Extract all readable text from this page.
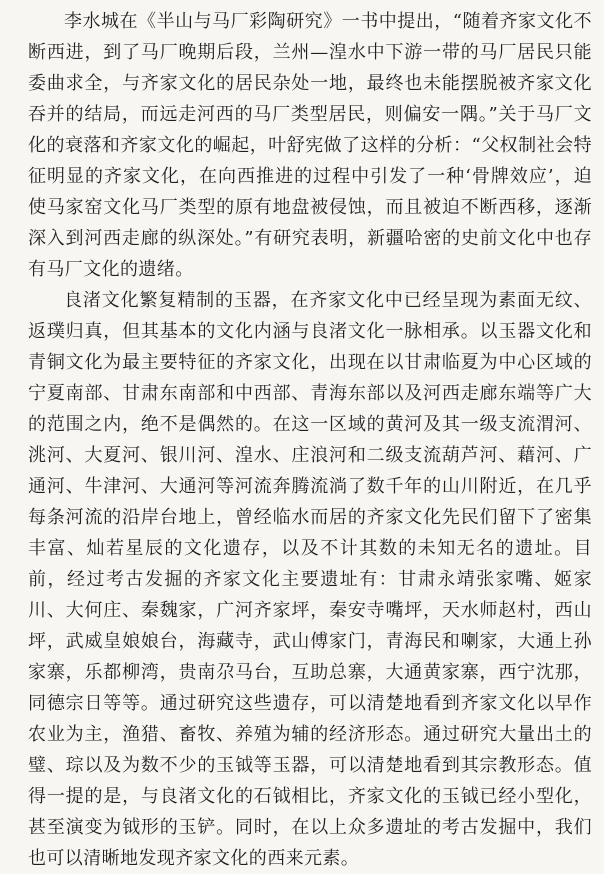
李水城在《半山与马厂彩陶研究》一书中提出，“随着齐家文化不断西进，到了马厂晚期后段，兰州—湟水中下游一带的马厂居民只能委曲求全，与齐家文化的居民杂处一地，最终也未能摆脱被齐家文化吞并的结局，而远走河西的马厂类型居民，则偏安一隅。”关于马厂文化的衰落和齐家文化的崛起，叶舒宪做了这样的分析：“父权制社会特征明显的齐家文化，在向西推进的过程中引发了一种‘骨牌效应’，迫使马家窑文化马厂类型的原有地盘被侵蚀，而且被迫不断西移，逐渐深入到河西走廊的纵深处。”有研究表明，新疆哈密的史前文化中也存有马厂文化的遗绪。

良渚文化繁复精制的玉器，在齐家文化中已经呈现为素面无纹、返璞归真，但其基本的文化内涵与良渚文化一脉相承。以玉器文化和青铜文化为最主要特征的齐家文化，出现在以甘肃临夏为中心区域的宁夏南部、甘肃东南部和中西部、青海东部以及河西走廊东端等广大的范围之内，绝不是偶然的。在这一区域的黄河及其一级支流渭河、洮河、大夏河、银川河、湟水、庄浪河和二级支流葫芦河、藉河、广通河、牛津河、大通河等河流奔腾流淌了数千年的山川附近，在几乎每条河流的沿岸台地上，曾经临水而居的齐家文化先民们留下了密集丰富、灿若星辰的文化遗存，以及不计其数的未知无名的遗址。目前，经过考古发掘的齐家文化主要遗址有：甘肃永靖张家嘴、姬家川、大何庄、秦魏家，广河齐家坪，秦安寺嘴坪，天水师赵村，西山坪，武威皇娘娘台，海藏寺，武山傅家门，青海民和喇家，大通上孙家寨，乐都柳湾，贵南尕马台，互助总寨，大通黄家寨，西宁沈那，同德宗日等等。通过研究这些遗存，可以清楚地看到齐家文化以早作农业为主，渔猎、畜牧、养殖为辅的经济形态。通过研究大量出土的璧、琮以及为数不少的玉钺等玉器，可以清楚地看到其宗教形态。值得一提的是，与良渚文化的石钺相比，齐家文化的玉钺已经小型化，甚至演变为钺形的玉铲。同时，在以上众多遗址的考古发掘中，我们也可以清晰地发现齐家文化的西来元素。
